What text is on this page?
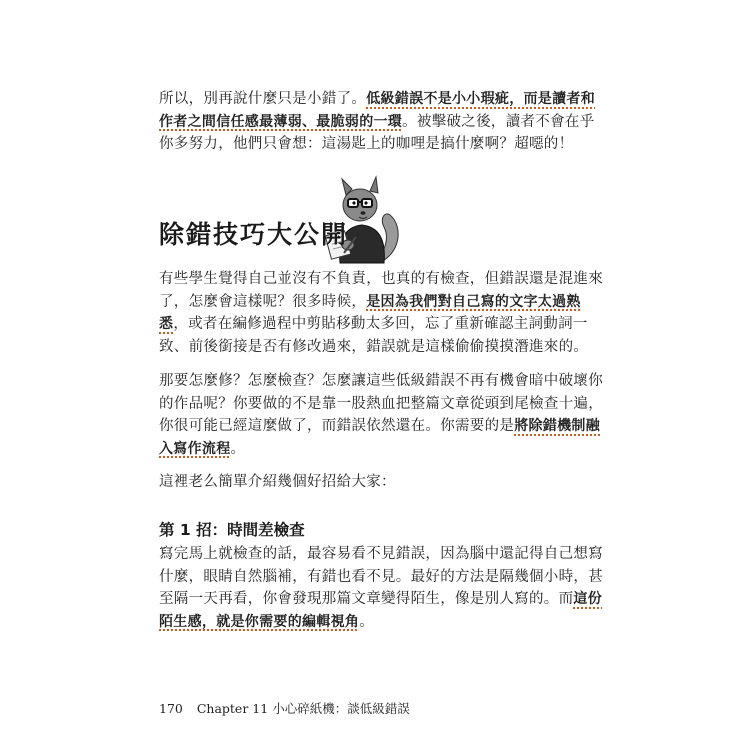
所以，別再說什麼只是小錯了。低級錯誤不是小小瑕疵，而是讀者和
作者之間信任感最薄弱、最脆弱的一環。被擊破之後，讀者不會在乎
你多努力，他們只會想：這湯匙上的咖哩是搞什麼啊？超噁的！

除錯技巧大公開

有些學生覺得自己並沒有不負責，也真的有檢查，但錯誤還是混進來
了，怎麼會這樣呢？很多時候，是因為我們對自己寫的文字太過熟
悉，或者在編修過程中剪貼移動太多回，忘了重新確認主詞動詞一
致、前後銜接是否有修改過來，錯誤就是這樣偷偷摸摸潛進來的。

那要怎麼修？怎麼檢查？怎麼讓這些低級錯誤不再有機會暗中破壞你
的作品呢？你要做的不是靠一股熱血把整篇文章從頭到尾檢查十遍，
你很可能已經這麼做了，而錯誤依然還在。你需要的是將除錯機制融
入寫作流程。

這裡老么簡單介紹幾個好招給大家：

第 1 招：時間差檢查

寫完馬上就檢查的話，最容易看不見錯誤，因為腦中還記得自己想寫
什麼，眼睛自然腦補，有錯也看不見。最好的方法是隔幾個小時，甚
至隔一天再看，你會發現那篇文章變得陌生，像是別人寫的。而這份
陌生感，就是你需要的編輯視角。

170 Chapter 11 小心碎紙機：談低級錯誤
